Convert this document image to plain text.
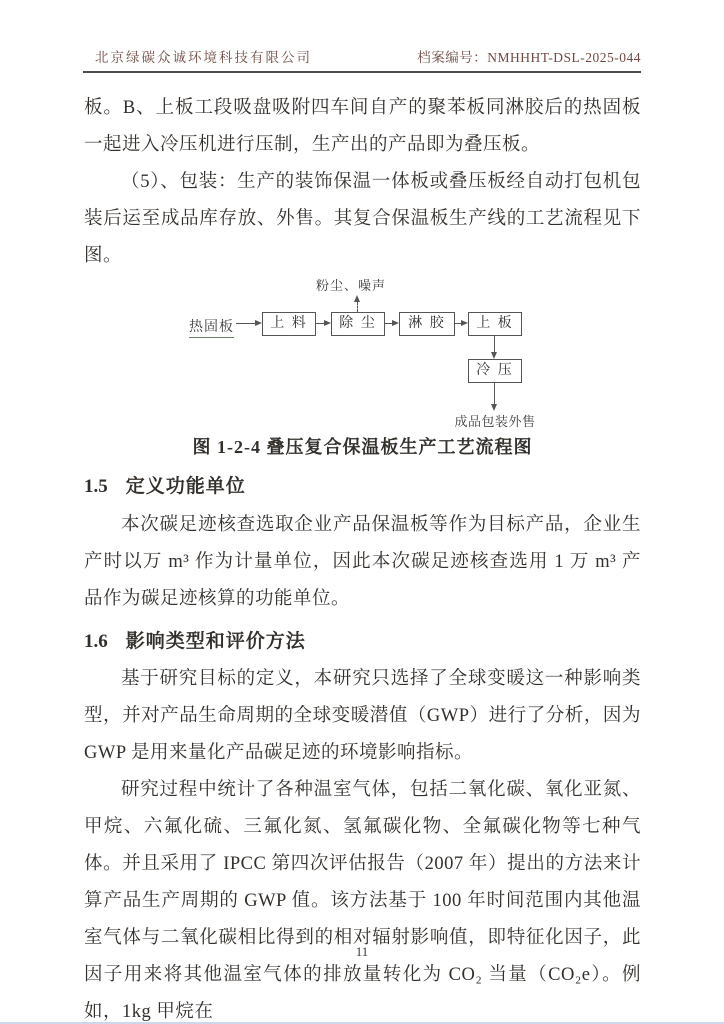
北京绿碳众诚环境科技有限公司	档案编号：NMHHHT-DSL-2025-044

板。B、上板工段吸盘吸附四车间自产的聚苯板同淋胶后的热固板一起进入冷压机进行压制，生产出的产品即为叠压板。

（5）、包装：生产的装饰保温一体板或叠压板经自动打包机包装后运至成品库存放、外售。其复合保温板生产线的工艺流程见下图。

粉尘、噪声
热固板	上 料	除 尘	淋 胶	上 板
冷 压
成品包装外售

图 1-2-4 叠压复合保温板生产工艺流程图

1.5 定义功能单位

本次碳足迹核查选取企业产品保温板等作为目标产品，企业生产时以万 m³ 作为计量单位，因此本次碳足迹核查选用 1 万 m³ 产品作为碳足迹核算的功能单位。

1.6 影响类型和评价方法

基于研究目标的定义，本研究只选择了全球变暖这一种影响类型，并对产品生命周期的全球变暖潜值（GWP）进行了分析，因为 GWP 是用来量化产品碳足迹的环境影响指标。

研究过程中统计了各种温室气体，包括二氧化碳、氧化亚氮、甲烷、六氟化硫、三氟化氮、氢氟碳化物、全氟碳化物等七种气体。并且采用了 IPCC 第四次评估报告（2007 年）提出的方法来计算产品生产周期的 GWP 值。该方法基于 100 年时间范围内其他温室气体与二氧化碳相比得到的相对辐射影响值，即特征化因子，此因子用来将其他温室气体的排放量转化为 CO₂ 当量（CO₂e）。例如，1kg 甲烷在

11
